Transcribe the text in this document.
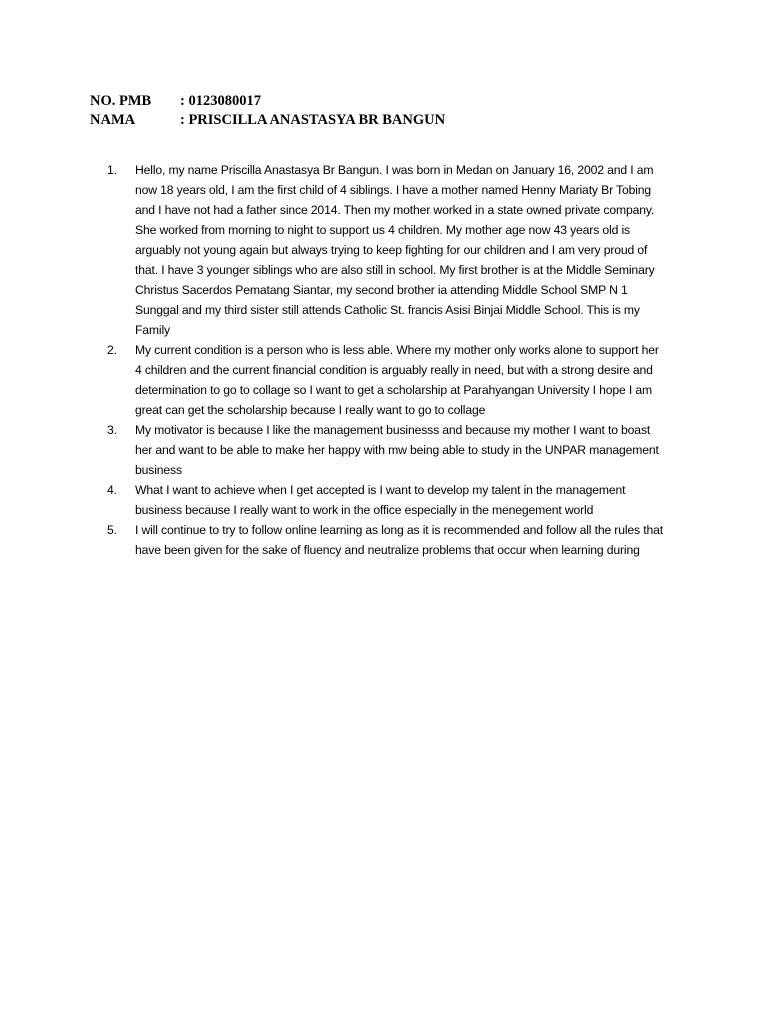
NO. PMB	: 0123080017
NAMA	: PRISCILLA ANASTASYA BR BANGUN
1.	Hello, my name Priscilla Anastasya Br Bangun. I was born in Medan on January 16, 2002 and I am now 18 years old, I am the first child of 4 siblings. I have a mother named Henny Mariaty Br Tobing and I have not had a father since 2014. Then my mother worked in a state owned private company. She worked from morning to night to support us 4 children. My mother age now 43 years old is arguably not young again but always trying to keep fighting for our children and I am very proud of that. I have 3 younger siblings who are also still in school. My first brother is at the Middle Seminary Christus Sacerdos Pematang Siantar, my second brother ia attending Middle School SMP N 1 Sunggal and my third sister still attends Catholic St. francis Asisi Binjai Middle School. This is my Family
2.	My current condition is a person who is less able. Where my mother only works alone to support her 4 children and the current financial condition is arguably really in need, but with a strong desire and determination to go to collage so I want to get a scholarship at Parahyangan University I hope I am great can get the scholarship because I really want to go to collage
3.	My motivator is because I like the management businesss and because my mother I want to boast her and want to be able to make her happy with mw being able to study in the UNPAR management business
4.	What I want to achieve when I get accepted is I want to develop my talent in the management business because I really want to work in the office especially in the menegement world
5.	I will continue to try to follow online learning as long as it is recommended and follow all the rules that have been given for the sake of fluency and neutralize problems that occur when learning during
